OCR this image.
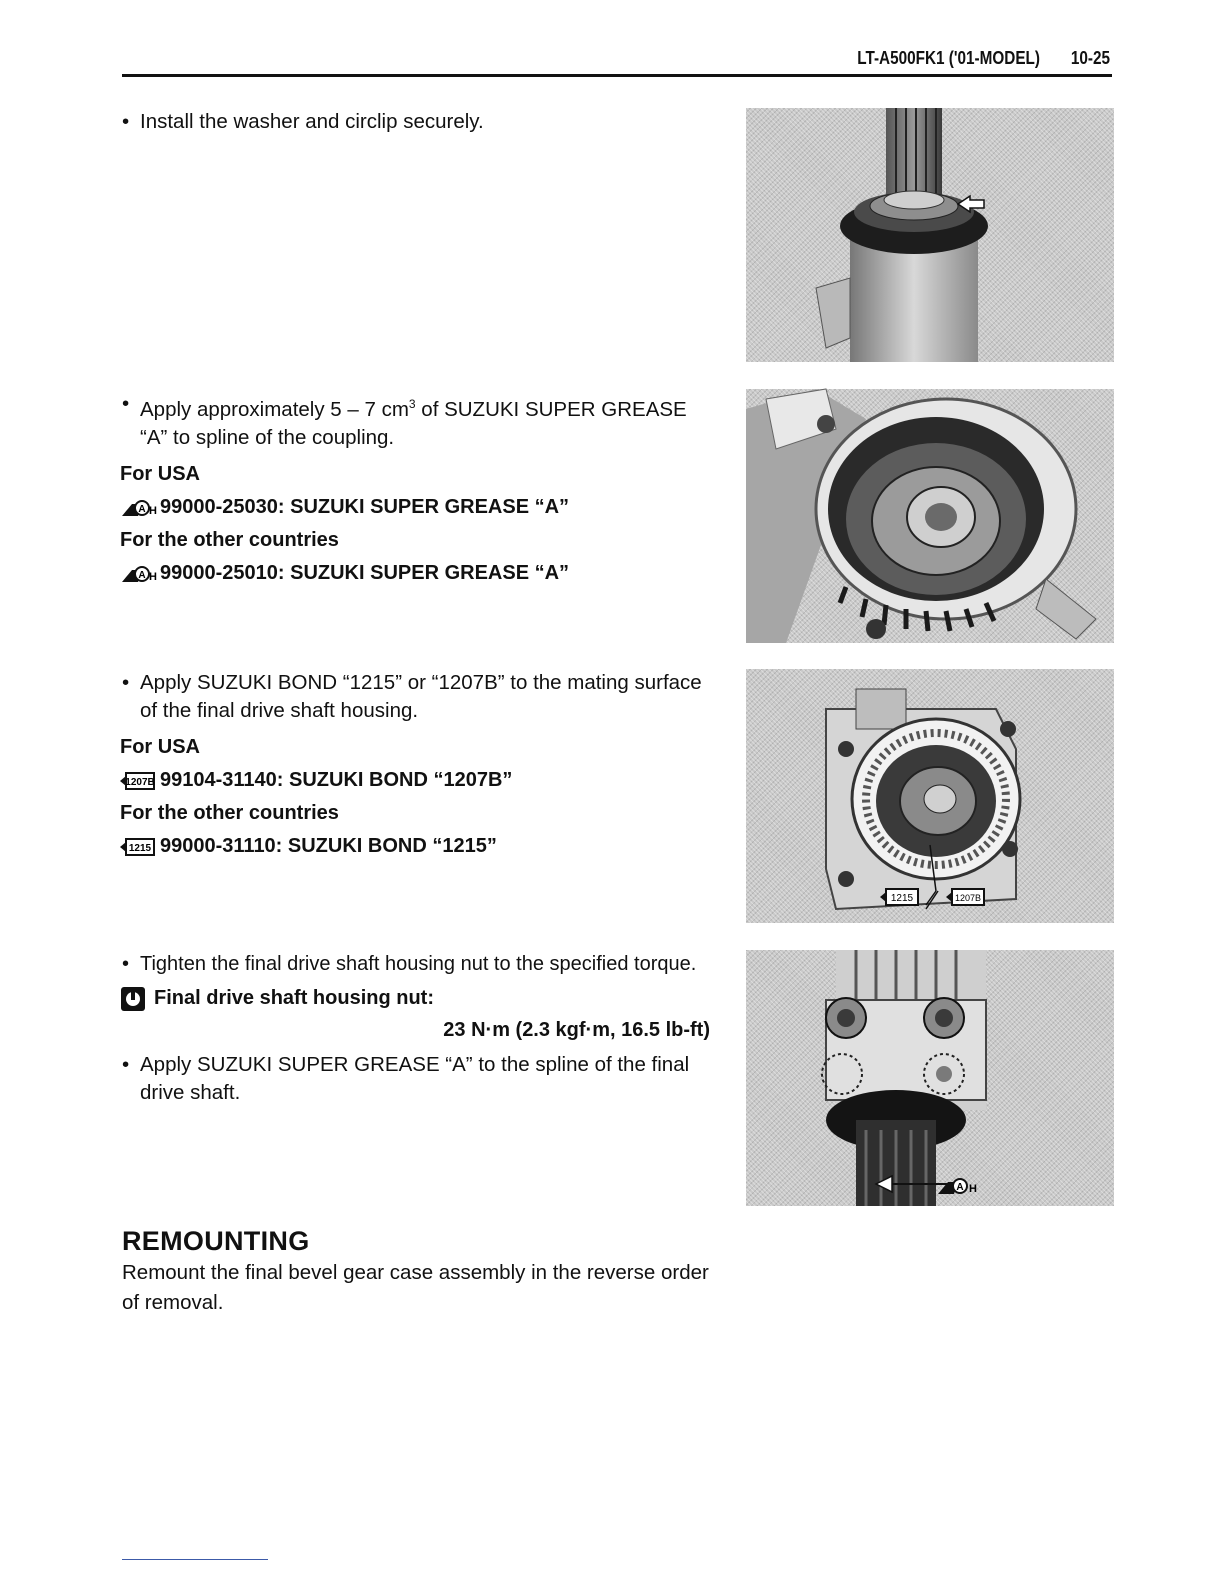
LT-A500FK1 ('01-MODEL) 10-25

• Install the washer and circlip securely.

• Apply approximately 5 – 7 $cm^3$ of SUZUKI SUPER GREASE “A” to spline of the coupling.

For USA
A H 99000-25030: SUZUKI SUPER GREASE “A”
For the other countries
A H 99000-25010: SUZUKI SUPER GREASE “A”

• Apply SUZUKI BOND “1215” or “1207B” to the mating surface of the final drive shaft housing.

For USA
1207B 99104-31140: SUZUKI BOND “1207B”
For the other countries
1215 99000-31110: SUZUKI BOND “1215”
1215	1207B

• Tighten the final drive shaft housing nut to the specified torque.

Final drive shaft housing nut:
23 N·m (2.3 kgf·m, 16.5 lb-ft)

• Apply SUZUKI SUPER GREASE “A” to the spline of the final drive shaft.

A H
REMOUNTING
Remount the final bevel gear case assembly in the reverse order of removal.
